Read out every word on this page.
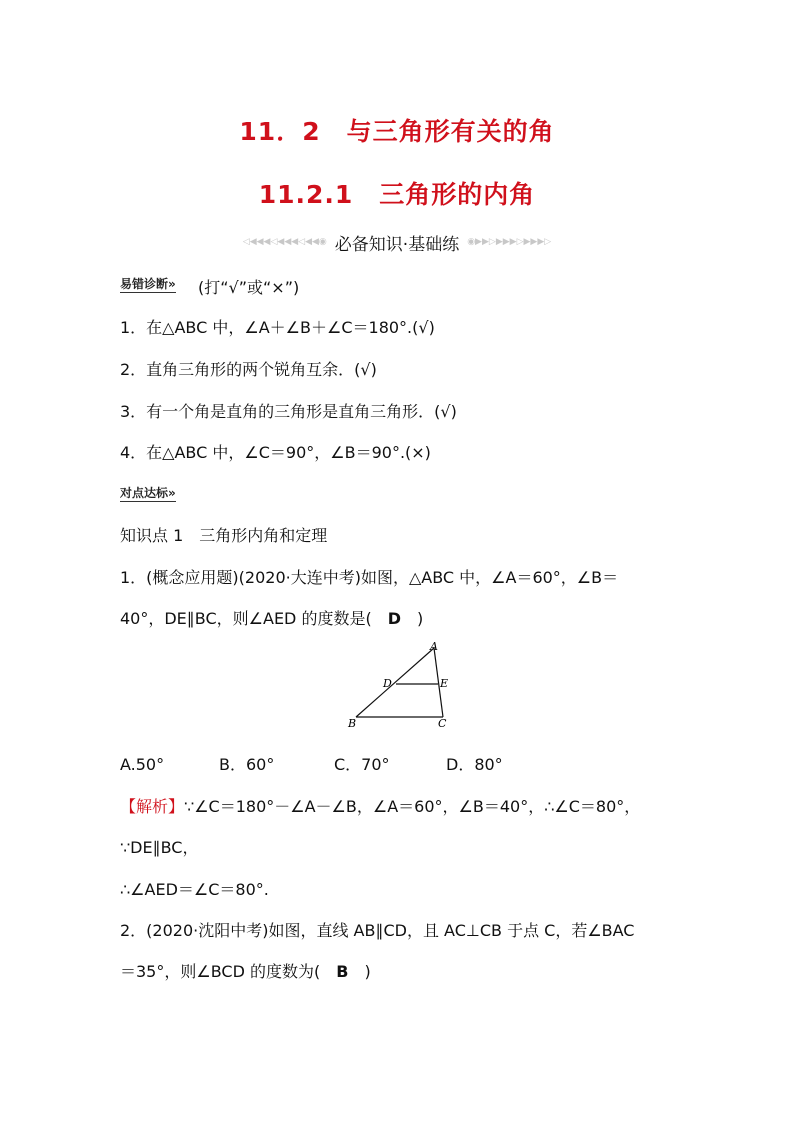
11．2　与三角形有关的角
11.2.1　三角形的内角
◁◀◀◀◁◀◀◀◁◀◀◉ 必备知识·基础练 ◉▶▶▷▶▶▶▷▶▶▶▷
易错诊断» (打“√”或“×”)
1．在△ABC 中，∠A＋∠B＋∠C＝180°.(√)
2．直角三角形的两个锐角互余．(√)
3．有一个角是直角的三角形是直角三角形．(√)
4．在△ABC 中，∠C＝90°，∠B＝90°.(×)
对点达标»
知识点 1　三角形内角和定理
1．(概念应用题)(2020·大连中考)如图，△ABC 中，∠A＝60°，∠B＝
40°，DE∥BC，则∠AED 的度数是( D )
A
B	C
D	E
A.50°	B．60°	C．70°	D．80°
【解析】∵∠C＝180°－∠A－∠B，∠A＝60°，∠B＝40°，∴∠C＝80°，
∵DE∥BC，
∴∠AED＝∠C＝80°.
2．(2020·沈阳中考)如图，直线 AB∥CD，且 AC⊥CB 于点 C，若∠BAC
＝35°，则∠BCD 的度数为( B )
